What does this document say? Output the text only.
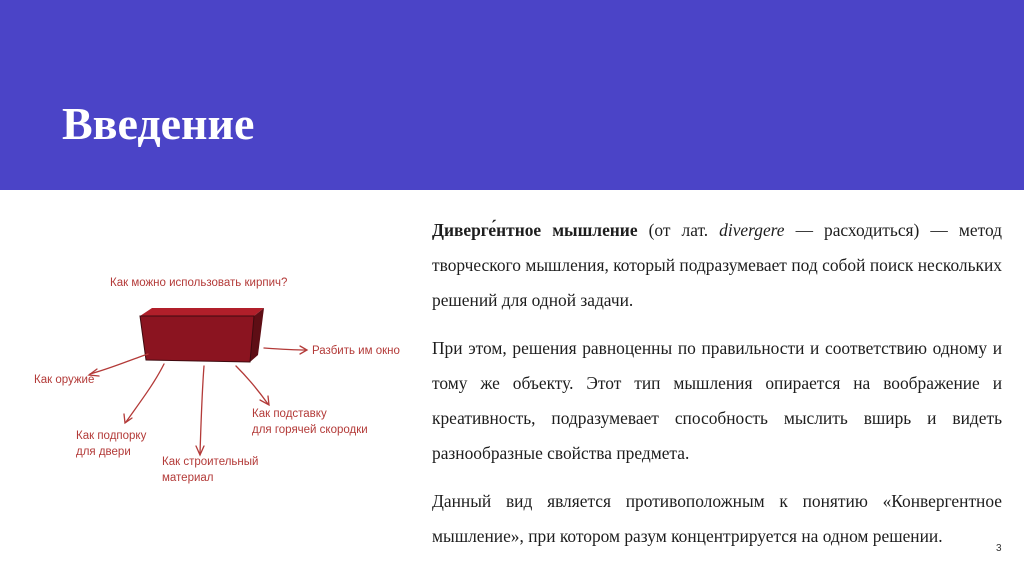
Введение
Как можно использовать кирпич?
Разбить им окно
Как оружие
Как подпорку
для двери
Как строительный
материал
Как подставку
для горячей скородки

Диверге́нтное мышление (от лат. divergere — расходиться) — метод творческого мышления, который подразумевает под собой поиск нескольких решений для одной задачи.

При этом, решения равноценны по правильности и соответствию одному и тому же объекту. Этот тип мышления опирается на воображение и креативность, подразумевает способность мыслить вширь и видеть разнообразные свойства предмета.

Данный вид является противоположным к понятию «Конвергентное мышление», при котором разум концентрируется на одном решении.

3
